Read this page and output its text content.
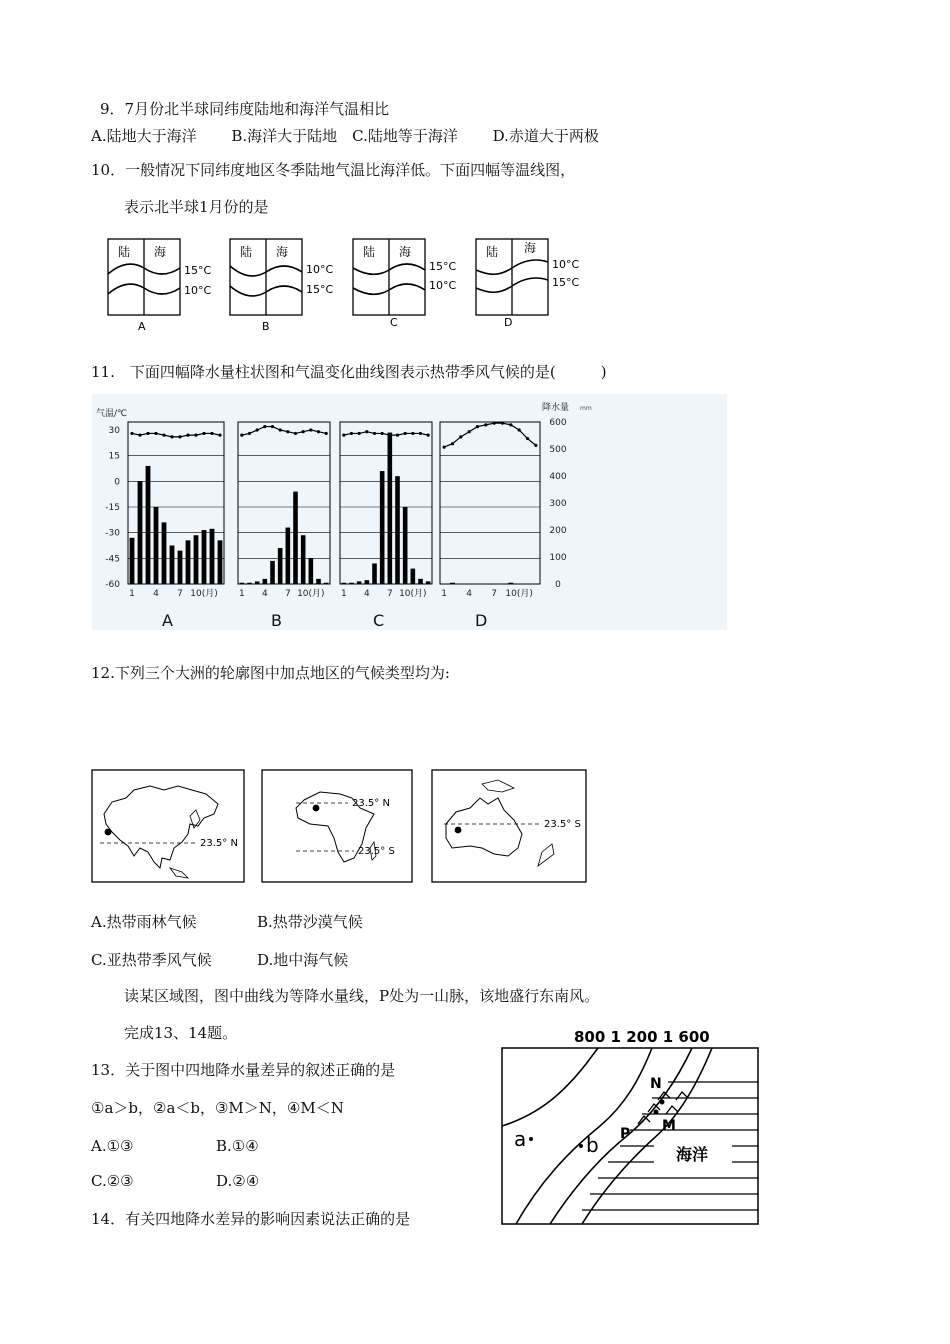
9．7月份北半球同纬度陆地和海洋气温相比
A.陆地大于海洋　　 B.海洋大于陆地　C.陆地等于海洋　　 D.赤道大于两极
10．一般情况下同纬度地区冬季陆地气温比海洋低。下面四幅等温线图，
表示北半球1月份的是
陆 海
15°C
10°C
A
陆 海
10°C
15°C
B
陆 海
15°C
10°C
C
陆 海
10°C
15°C
D
11.　下面四幅降水量柱状图和气温变化曲线图表示热带季风气候的是(　　　)
气温/℃
30
15
0
-15
-30
-45
-60
降水量 mm
600
500
400
300
200
100
0
1 4 7 10(月)
A
1 4 7 10(月)
B
1 4 7 10(月)
C
1 4 7 10(月)
D
12.下列三个大洲的轮廓图中加点地区的气候类型均为:
23.5° N
23.5° N
23.5° S
23.5° S
A.热带雨林气候	B.热带沙漠气候
C.亚热带季风气候	D.地中海气候
读某区域图，图中曲线为等降水量线，P处为一山脉，该地盛行东南风。
完成13、14题。
13．关于图中四地降水量差异的叙述正确的是
①a＞b，②a＜b，③M＞N，④M＜N
A.①③	B.①④
C.②③	D.②④
800 1 200 1 600
海洋
N
M
P
a	b
14．有关四地降水差异的影响因素说法正确的是
